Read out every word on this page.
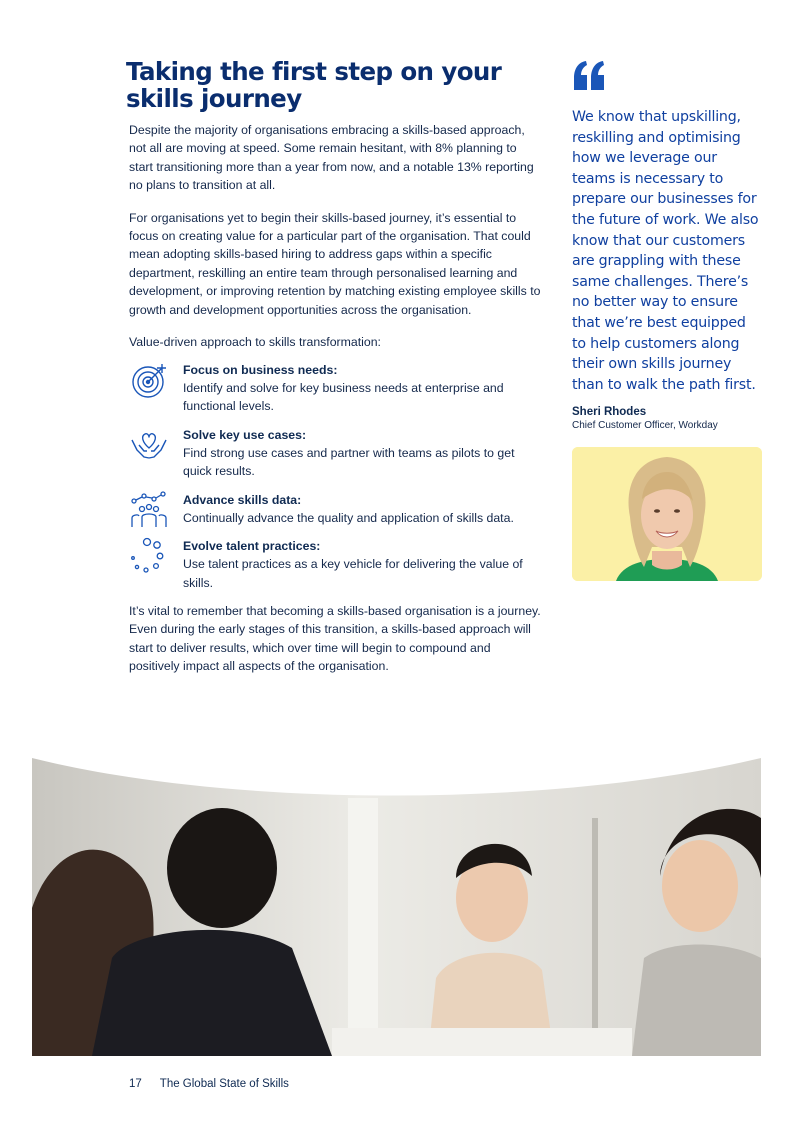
Taking the first step on your skills journey

Despite the majority of organisations embracing a skills-based approach, not all are moving at speed. Some remain hesitant, with 8% planning to start transitioning more than a year from now, and a notable 13% reporting no plans to transition at all.

For organisations yet to begin their skills-based journey, it’s essential to focus on creating value for a particular part of the organisation. That could mean adopting skills-based hiring to address gaps within a specific department, reskilling an entire team through personalised learning and development, or improving retention by matching existing employee skills to growth and development opportunities across the organisation.

Value-driven approach to skills transformation:

Focus on business needs:
Identify and solve for key business needs at enterprise and functional levels.
Solve key use cases:
Find strong use cases and partner with teams as pilots to get quick results.
Advance skills data:
Continually advance the quality and application of skills data.
Evolve talent practices:
Use talent practices as a key vehicle for delivering the value of skills.

It’s vital to remember that becoming a skills-based organisation is a journey. Even during the early stages of this transition, a skills-based approach will start to deliver results, which over time will begin to compound and positively impact all aspects of the organisation.

We know that upskilling, reskilling and optimising how we leverage our teams is necessary to prepare our businesses for the future of work. We also know that our customers are grappling with these same challenges. There’s no better way to ensure that we’re best equipped to help customers along their own skills journey than to walk the path first.

Sheri Rhodes
Chief Customer Officer, Workday
17 The Global State of Skills
